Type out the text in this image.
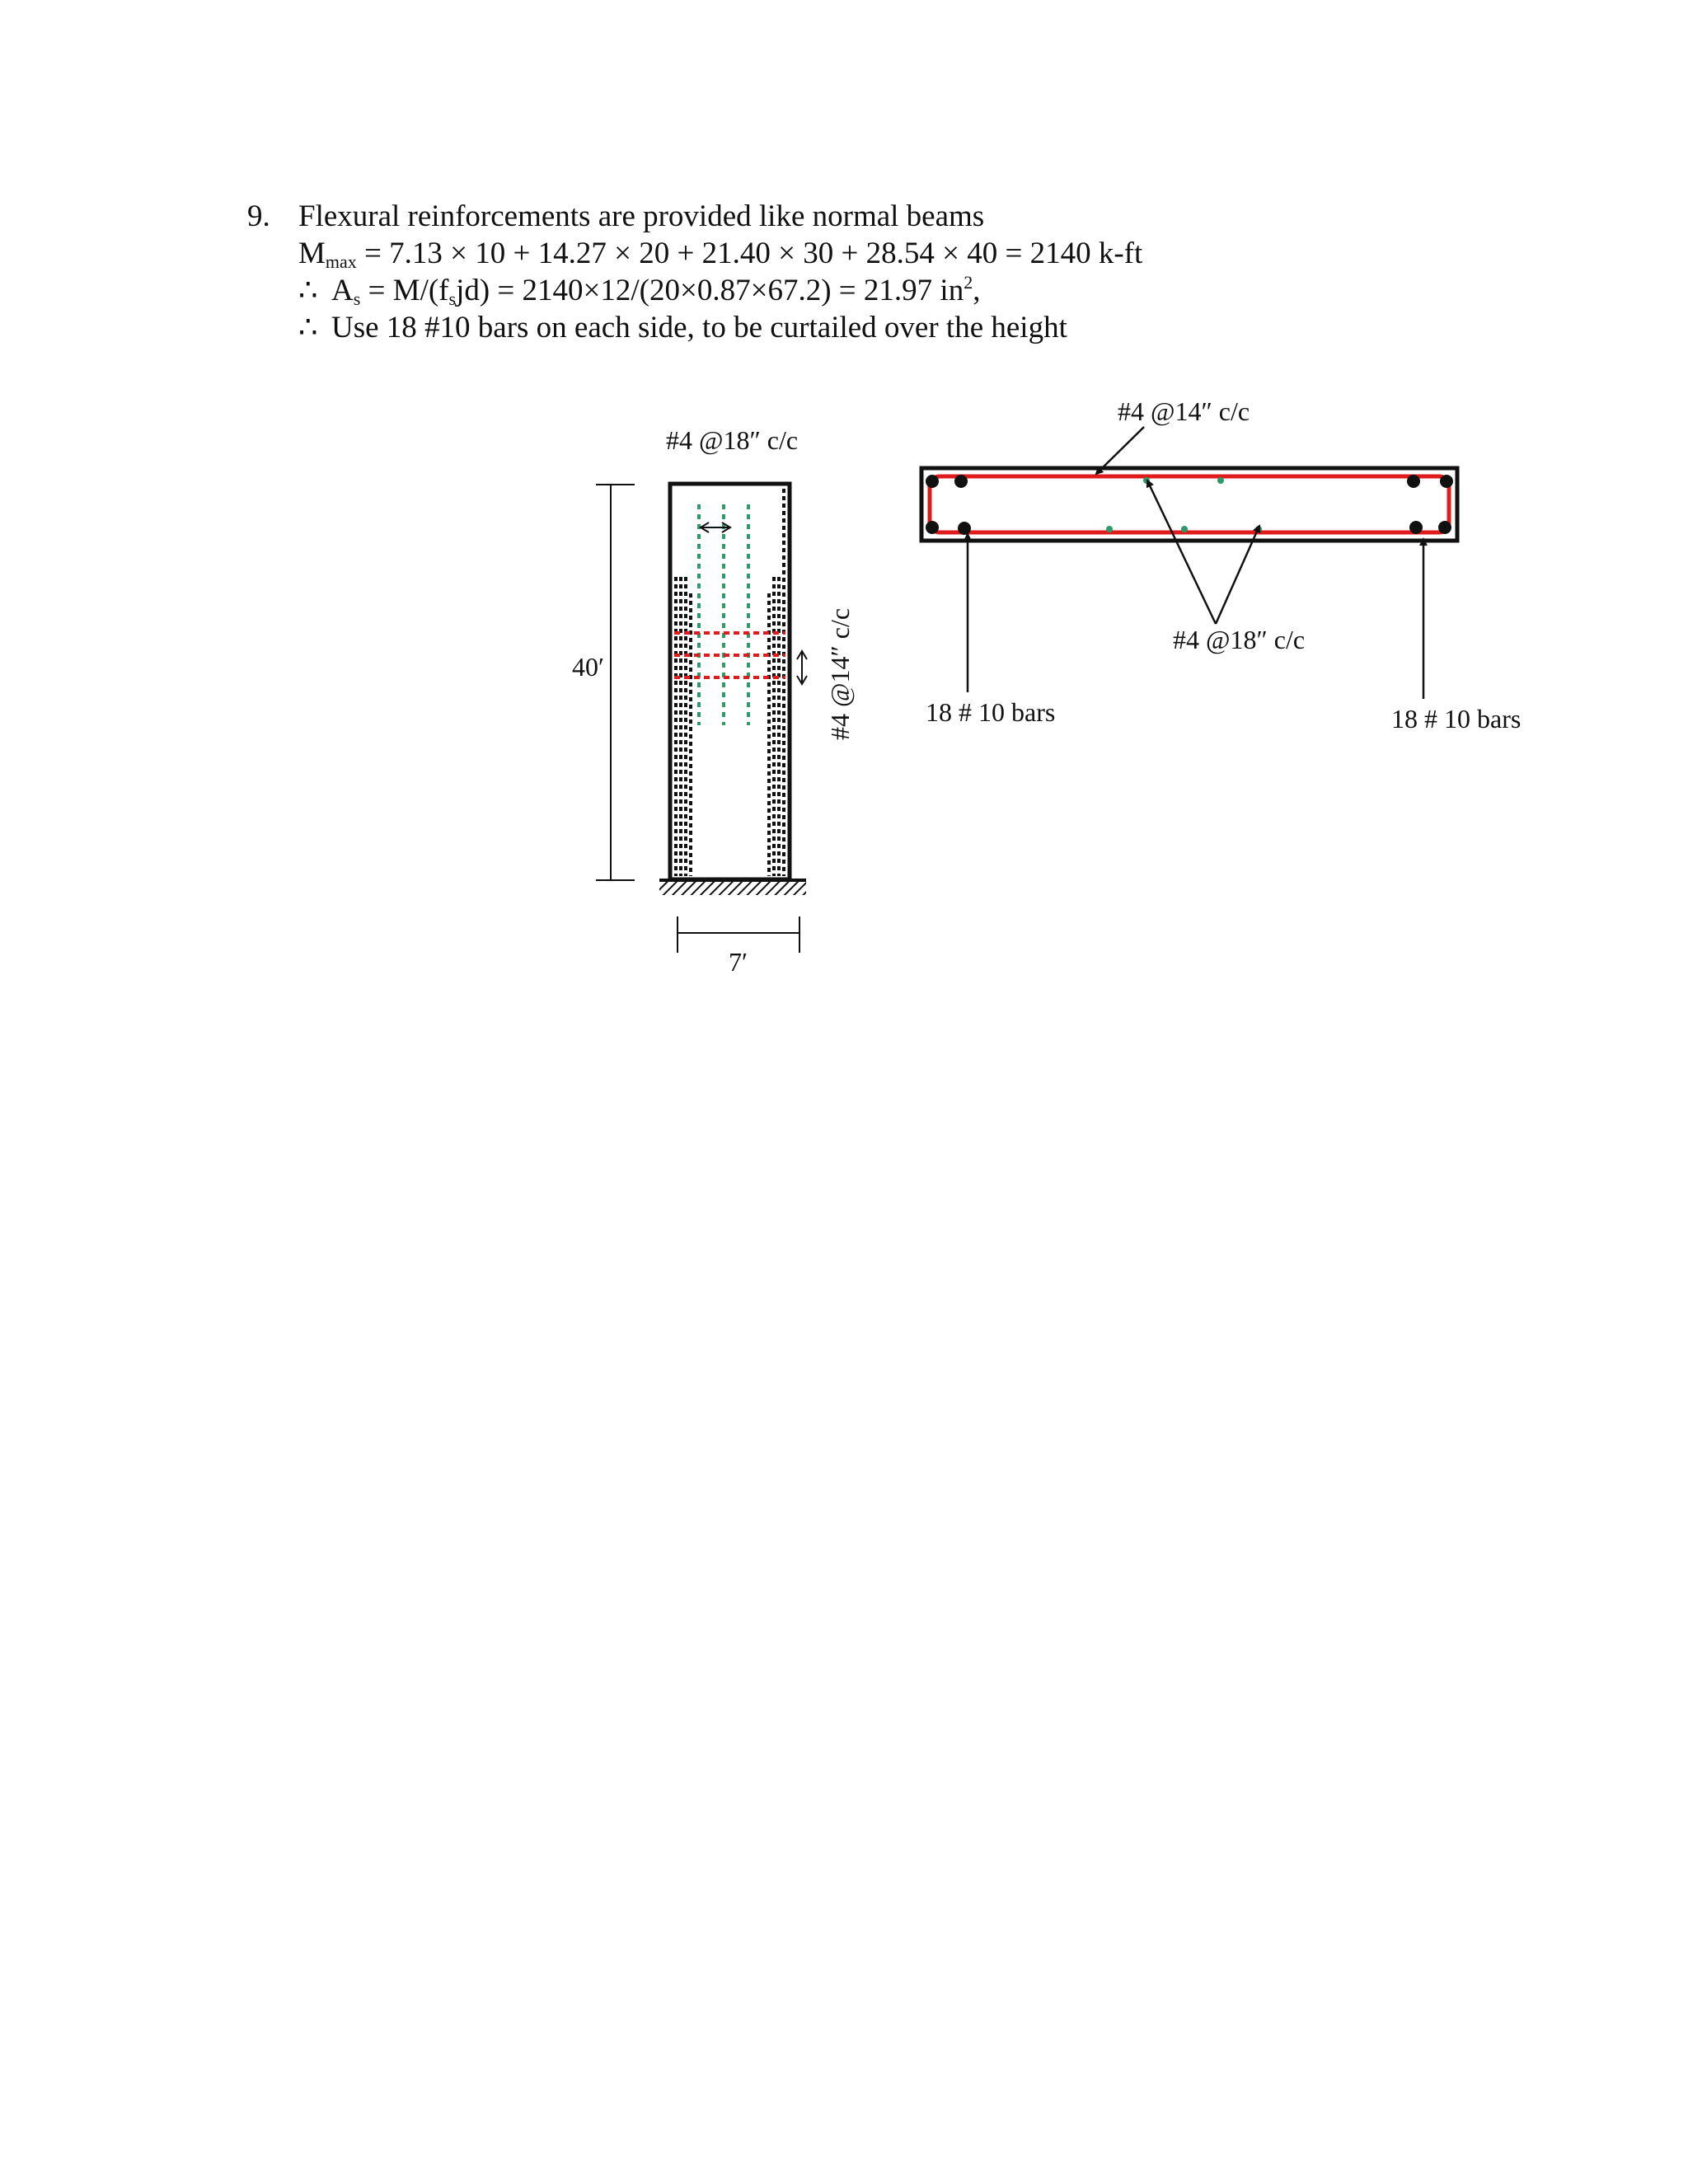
9. Flexural reinforcements are provided like normal beams
$M_{max} = 7.13 \times 10 + 14.27 \times 20 + 21.40 \times 30 + 28.54 \times 40 = 2140$ k-ft
∴ $A_s = M/(f_sjd) = 2140\times 12/(20\times 0.87\times 67.2) = 21.97$ $in^2$,
∴ Use 18 #10 bars on each side, to be curtailed over the height
#4 @18″ c/c
40′	#4 @14″ c/c
7′
#4 @14″ c/c
#4 @18″ c/c
18 # 10 bars	18 # 10 bars
